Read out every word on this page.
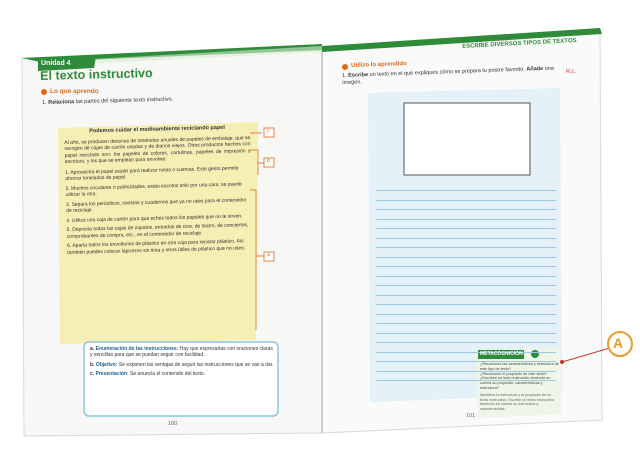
Unidad 4
El texto instructivo
Lo que aprendo
1. Relaciona las partes del siguiente texto instructivo.
Podemos cuidar el medioambiente reciclando papel
Al año, se producen decenas de toneladas anuales de papeles de embalaje, que se recogen de cajas de cartón usadas y de diarios viejos. Otros productos hechos con papel reciclado son: los papeles de colores, cartulinas, papeles de impresión y escritura, y los que se emplean para envolver.
1. Aprovecha el papel usado para realizar notas o cuentas. Este gesto permite ahorrar toneladas de papel.
2. Muchos circulares o publicidades, están escritos solo por una cara; se puede utilizar la otra.
3. Separa los periódicos, revistas y cuadernos que ya no uses para el contenedor de reciclaje.
4. Utiliza una caja de cartón para que eches todos los papeles que no te sirven.
5. Deposita todas las cajas de zapatos, entradas de cine, de teatro, de conciertos, comprobantes de compra, etc., en el contenedor de reciclaje.
6. Aparta todos los envoltorios de plástico en otra caja para reciclar plástico. Así también puedes colocar lapiceros sin tinta y otros útiles de plástico que no uses.
c
b
a
a. Enumeración de las instrucciones: Hay que expresarlas con oraciones claras y sencillas para que se puedan seguir con facilidad.
b. Objetivo: Se exponen las ventajas de seguir las instrucciones que se van a dar.
c. Presentación: Se anuncia el contenido del texto.
100
ESCRIBE DIVERSOS TIPOS DE TEXTOS
Utilizo lo aprendido
1. Escribe un texto en el que expliques cómo se prepara tu postre favorito. Añade una imagen.
R.L.
METACOGNICIÓN
¿Reconoces las características y estructura de este tipo de texto?
¿Reconoces el propósito de este texto?
¿Escribes un texto instructivo teniendo en cuenta su propósito, características y estructura?
Identifica la estructura y el propósito de un texto instructivo. Escribe un texto instructivo teniendo en cuenta su estructura y características.
101
A
